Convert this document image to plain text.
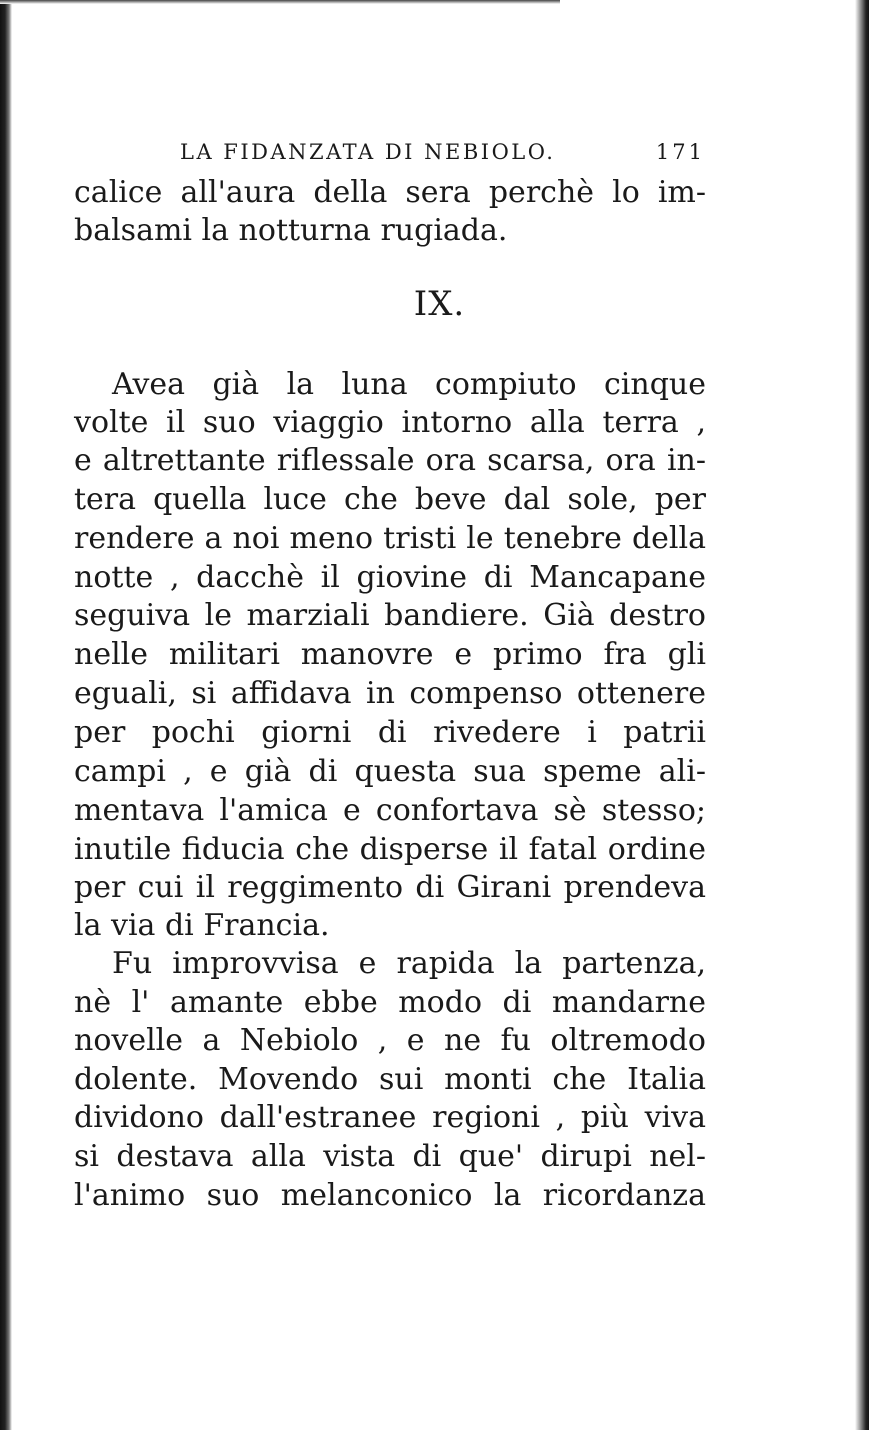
LA FIDANZATA DI NEBIOLO.	171
calice all'aura della sera perchè lo im-
balsami la notturna rugiada.
IX.
Avea già la luna compiuto cinque
volte il suo viaggio intorno alla terra ,
e altrettante riflessale ora scarsa, ora in-
tera quella luce che beve dal sole, per
rendere a noi meno tristi le tenebre della
notte , dacchè il giovine di Mancapane
seguiva le marziali bandiere. Già destro
nelle militari manovre e primo fra gli
eguali, si affidava in compenso ottenere
per pochi giorni di rivedere i patrii
campi , e già di questa sua speme ali-
mentava l'amica e confortava sè stesso;
inutile fiducia che disperse il fatal ordine
per cui il reggimento di Girani prendeva
la via di Francia.
Fu improvvisa e rapida la partenza,
nè l' amante ebbe modo di mandarne
novelle a Nebiolo , e ne fu oltremodo
dolente. Movendo sui monti che Italia
dividono dall'estranee regioni , più viva
si destava alla vista di que' dirupi nel-
l'animo suo melanconico la ricordanza
